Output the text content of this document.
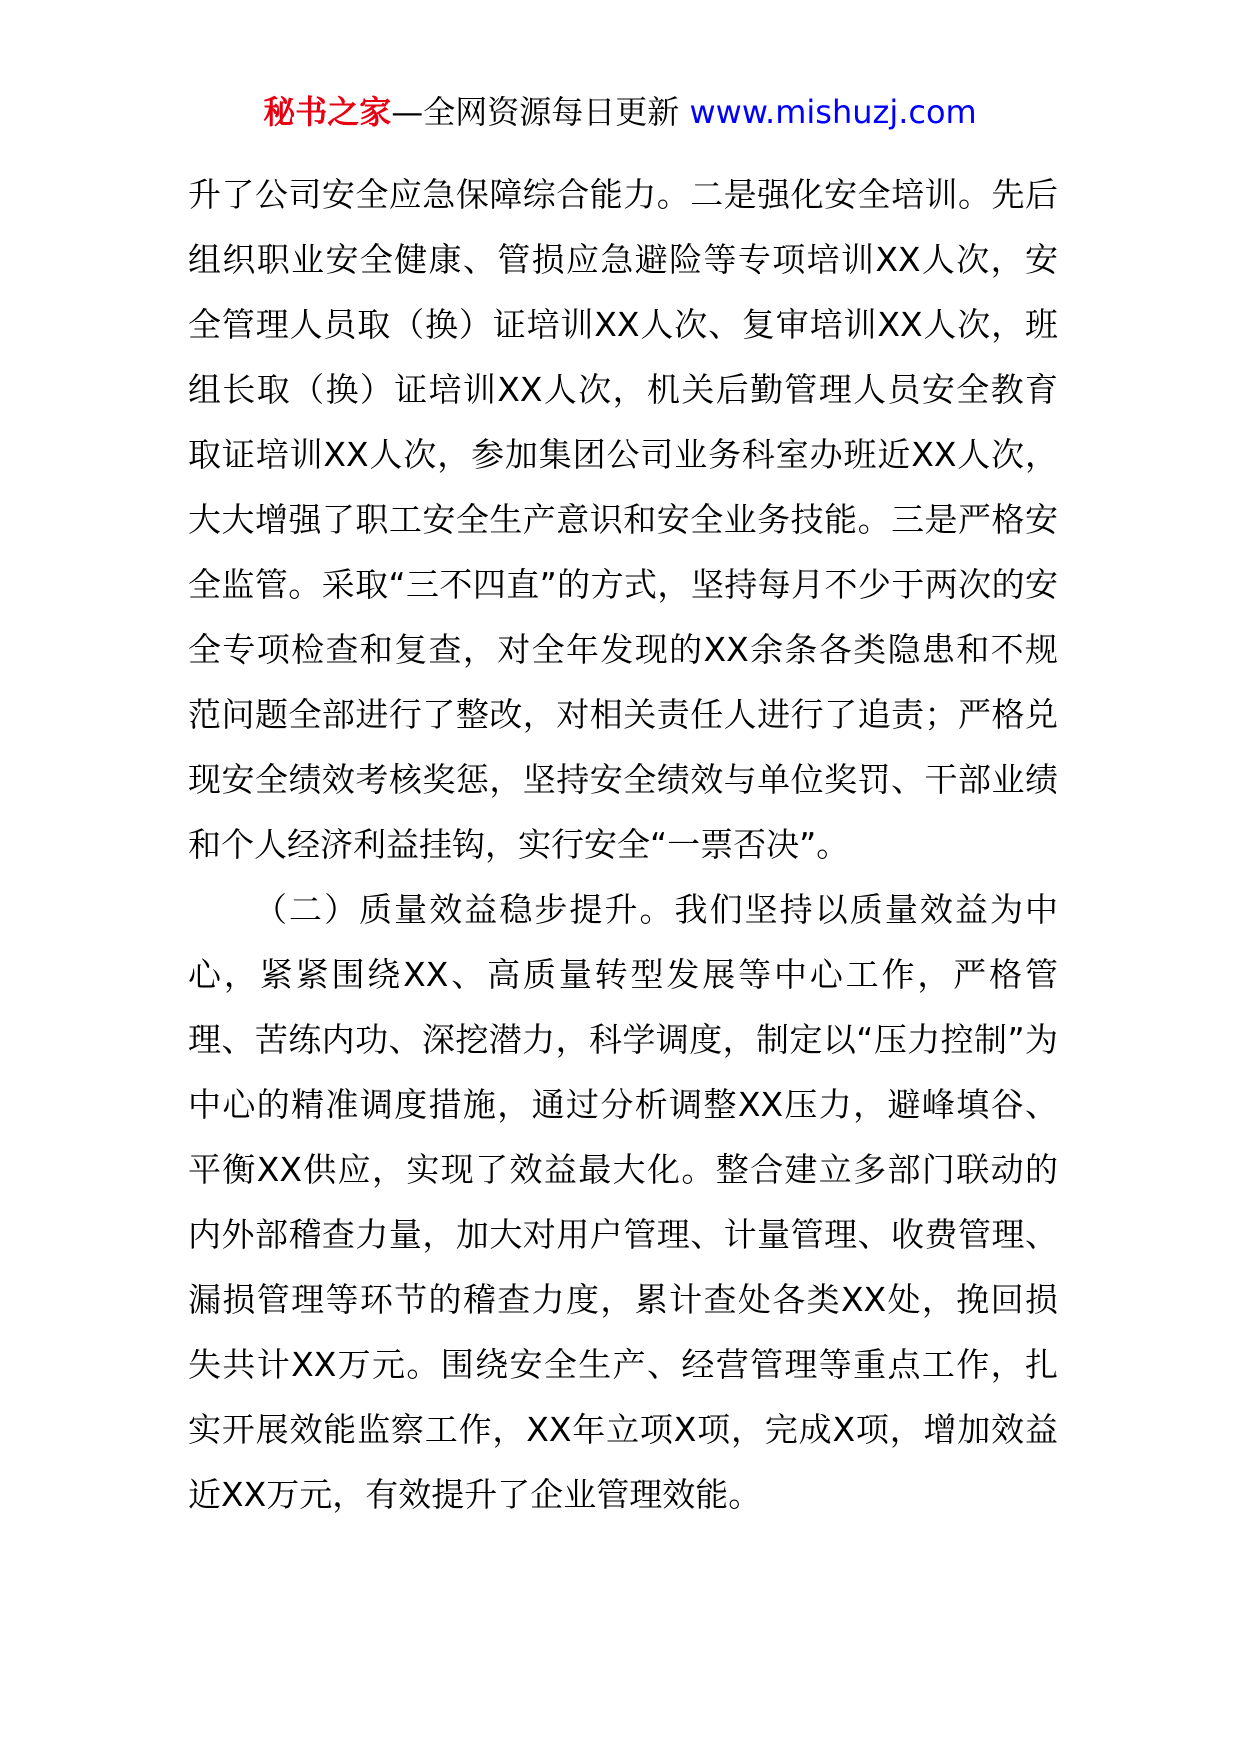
秘书之家—全网资源每日更新 www.mishuzj.com

升了公司安全应急保障综合能力。二是强化安全培训。先后组织职业安全健康、管损应急避险等专项培训XX人次，安全管理人员取（换）证培训XX人次、复审培训XX人次，班组长取（换）证培训XX人次，机关后勤管理人员安全教育取证培训XX人次，参加集团公司业务科室办班近XX人次，大大增强了职工安全生产意识和安全业务技能。三是严格安全监管。采取“三不四直”的方式，坚持每月不少于两次的安全专项检查和复查，对全年发现的XX余条各类隐患和不规范问题全部进行了整改，对相关责任人进行了追责；严格兑现安全绩效考核奖惩，坚持安全绩效与单位奖罚、干部业绩和个人经济利益挂钩，实行安全“一票否决”。

（二）质量效益稳步提升。我们坚持以质量效益为中心，紧紧围绕XX、高质量转型发展等中心工作，严格管理、苦练内功、深挖潜力，科学调度，制定以“压力控制”为中心的精准调度措施，通过分析调整XX压力，避峰填谷、平衡XX供应，实现了效益最大化。整合建立多部门联动的内外部稽查力量，加大对用户管理、计量管理、收费管理、漏损管理等环节的稽查力度，累计查处各类XX处，挽回损失共计XX万元。围绕安全生产、经营管理等重点工作，扎实开展效能监察工作，XX年立项X项，完成X项，增加效益近XX万元，有效提升了企业管理效能。
